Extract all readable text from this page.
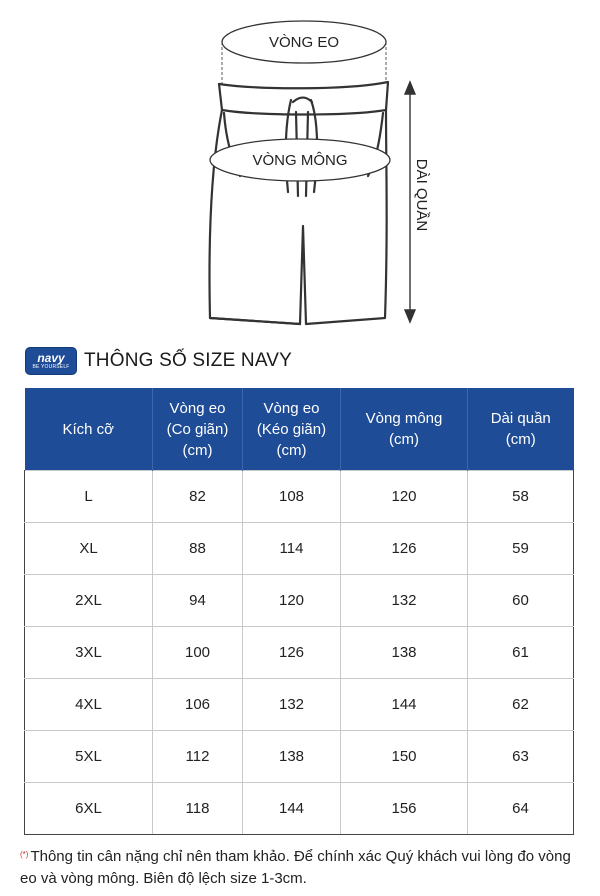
VÒNG EO
VÒNG MÔNG	DÀI QUẦN
navy
BE YOURSELF THÔNG SỐ SIZE NAVY
Kích cỡ	Vòng eo
(Co giãn)
(cm)	Vòng eo
(Kéo giãn)
(cm)	Vòng mông
(cm)	Dài quần
(cm)
L	82	108	120	58
XL	88	114	126	59
2XL	94	120	132	60
3XL	100	126	138	61
4XL	106	132	144	62
5XL	112	138	150	63
6XL	118	144	156	64
(*) Thông tin cân nặng chỉ nên tham khảo. Để chính xác Quý khách vui lòng đo vòng eo và vòng mông. Biên độ lệch size 1-3cm.
